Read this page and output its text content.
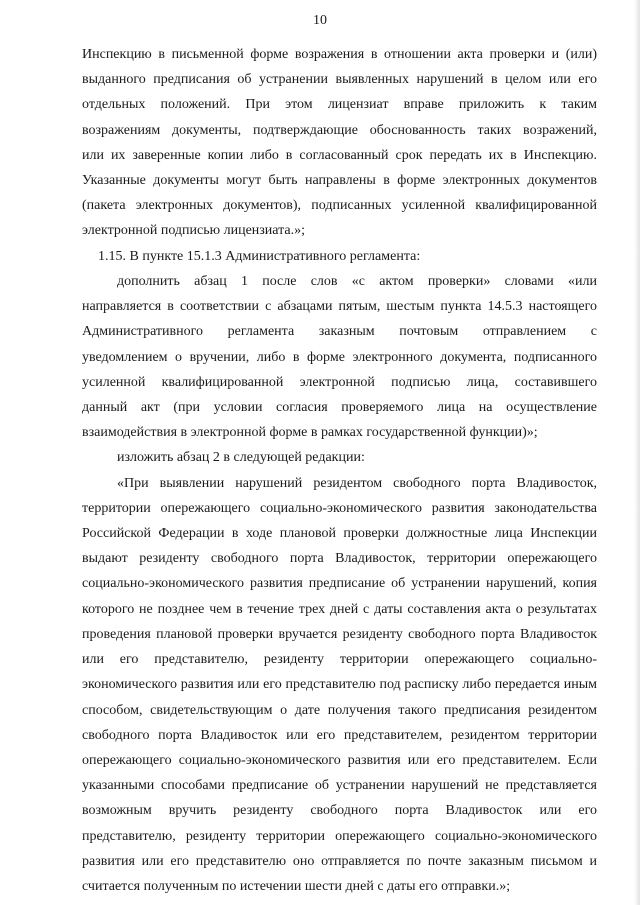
10
Инспекцию в письменной форме возражения в отношении акта проверки и (или)
выданного предписания об устранении выявленных нарушений в целом или его
отдельных положений. При этом лицензиат вправе приложить к таким
возражениям документы, подтверждающие обоснованность таких возражений,
или их заверенные копии либо в согласованный срок передать их в Инспекцию.
Указанные документы могут быть направлены в форме электронных документов
(пакета электронных документов), подписанных усиленной квалифицированной
электронной подписью лицензиата.»;
1.15. В пункте 15.1.3 Административного регламента:
дополнить абзац 1 после слов «с актом проверки» словами «или
направляется в соответствии с абзацами пятым, шестым пункта 14.5.3 настоящего
Административного регламента заказным почтовым отправлением с
уведомлением о вручении, либо в форме электронного документа, подписанного
усиленной квалифицированной электронной подписью лица, составившего
данный акт (при условии согласия проверяемого лица на осуществление
взаимодействия в электронной форме в рамках государственной функции)»;
изложить абзац 2 в следующей редакции:
«При выявлении нарушений резидентом свободного порта Владивосток,
территории опережающего социально-экономического развития законодательства
Российской Федерации в ходе плановой проверки должностные лица Инспекции
выдают резиденту свободного порта Владивосток, территории опережающего
социально-экономического развития предписание об устранении нарушений, копия
которого не позднее чем в течение трех дней с даты составления акта о результатах
проведения плановой проверки вручается резиденту свободного порта Владивосток
или его представителю, резиденту территории опережающего социально-
экономического развития или его представителю под расписку либо передается иным
способом, свидетельствующим о дате получения такого предписания резидентом
свободного порта Владивосток или его представителем, резидентом территории
опережающего социально-экономического развития или его представителем. Если
указанными способами предписание об устранении нарушений не представляется
возможным вручить резиденту свободного порта Владивосток или его
представителю, резиденту территории опережающего социально-экономического
развития или его представителю оно отправляется по почте заказным письмом и
считается полученным по истечении шести дней с даты его отправки.»;
